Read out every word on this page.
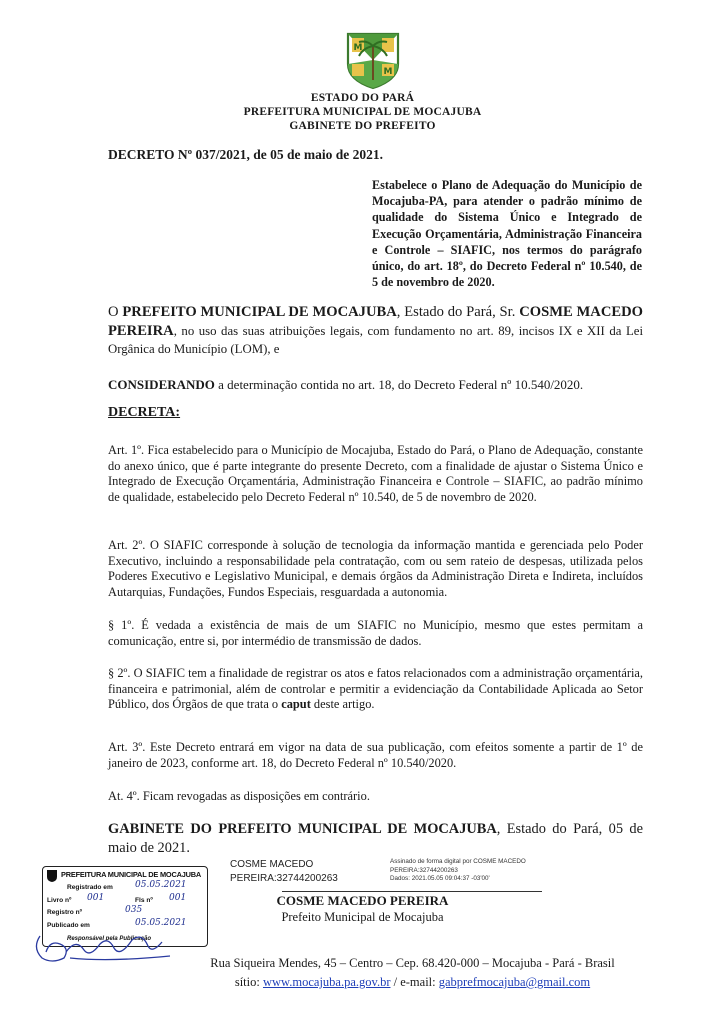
M
M
ESTADO DO PARÁ
PREFEITURA MUNICIPAL DE MOCAJUBA
GABINETE DO PREFEITO
DECRETO Nº 037/2021, de 05 de maio de 2021.
Estabelece o Plano de Adequação do Município de Mocajuba-PA, para atender o padrão mínimo de qualidade do Sistema Único e Integrado de Execução Orçamentária, Administração Financeira e Controle – SIAFIC, nos termos do parágrafo único, do art. 18º, do Decreto Federal nº 10.540, de 5 de novembro de 2020.
O PREFEITO MUNICIPAL DE MOCAJUBA, Estado do Pará, Sr. COSME MACEDO PEREIRA, no uso das suas atribuições legais, com fundamento no art. 89, incisos IX e XII da Lei Orgânica do Município (LOM), e
CONSIDERANDO a determinação contida no art. 18, do Decreto Federal nº 10.540/2020.
DECRETA:
Art. 1º. Fica estabelecido para o Município de Mocajuba, Estado do Pará, o Plano de Adequação, constante do anexo único, que é parte integrante do presente Decreto, com a finalidade de ajustar o Sistema Único e Integrado de Execução Orçamentária, Administração Financeira e Controle – SIAFIC, ao padrão mínimo de qualidade, estabelecido pelo Decreto Federal nº 10.540, de 5 de novembro de 2020.
Art. 2º. O SIAFIC corresponde à solução de tecnologia da informação mantida e gerenciada pelo Poder Executivo, incluindo a responsabilidade pela contratação, com ou sem rateio de despesas, utilizada pelos Poderes Executivo e Legislativo Municipal, e demais órgãos da Administração Direta e Indireta, incluídos Autarquias, Fundações, Fundos Especiais, resguardada a autonomia.
§ 1º. É vedada a existência de mais de um SIAFIC no Município, mesmo que estes permitam a comunicação, entre si, por intermédio de transmissão de dados.
§ 2º. O SIAFIC tem a finalidade de registrar os atos e fatos relacionados com a administração orçamentária, financeira e patrimonial, além de controlar e permitir a evidenciação da Contabilidade Aplicada ao Setor Público, dos Órgãos de que trata o caput deste artigo.
Art. 3º. Este Decreto entrará em vigor na data de sua publicação, com efeitos somente a partir de 1º de janeiro de 2023, conforme art. 18, do Decreto Federal nº 10.540/2020.
At. 4º. Ficam revogadas as disposições em contrário.
GABINETE DO PREFEITO MUNICIPAL DE MOCAJUBA, Estado do Pará, 05 de maio de 2021.
COSME MACEDO
PEREIRA:32744200263
Assinado de forma digital por COSME MACEDO
PEREIRA:32744200263
Dados: 2021.05.05 09:04:37 -03'00'
COSME MACEDO PEREIRA
Prefeito Municipal de Mocajuba
PREFEITURA MUNICIPAL DE MOCAJUBA
Registrado em 05.05.2021
Livro nº 001	Fls nº 001
Registro nº	035
Publicado em	05.05.2021
Responsável pela Publicação
Rua Siqueira Mendes, 45 – Centro – Cep. 68.420-000 – Mocajuba - Pará - Brasil
sítio: www.mocajuba.pa.gov.br / e-mail: gabprefmocajuba@gmail.com
